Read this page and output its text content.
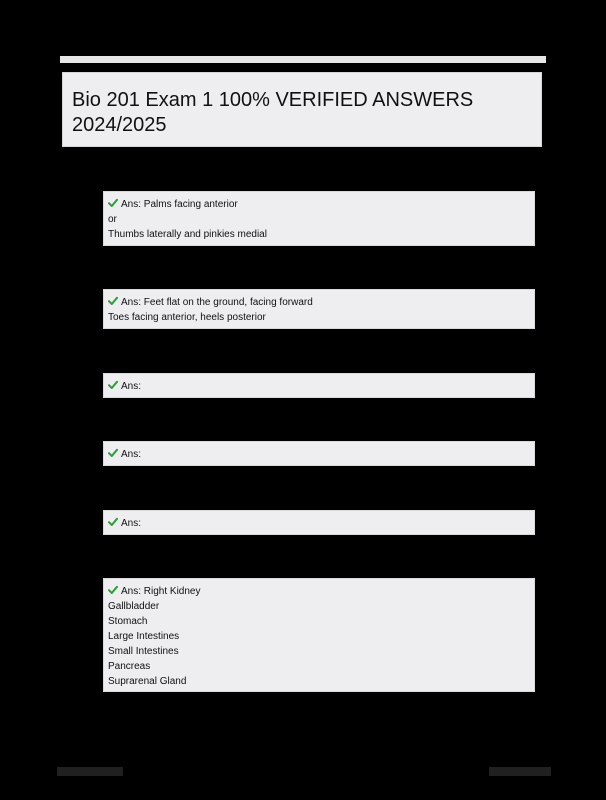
Bio 201 Exam 1 100% VERIFIED ANSWERS 2024/2025
Ans: Palms facing anterior
or
Thumbs laterally and pinkies medial
Ans: Feet flat on the ground, facing forward
Toes facing anterior, heels posterior
Ans:
Ans:
Ans:
Ans: Right Kidney
Gallbladder
Stomach
Large Intestines
Small Intestines
Pancreas
Suprarenal Gland
